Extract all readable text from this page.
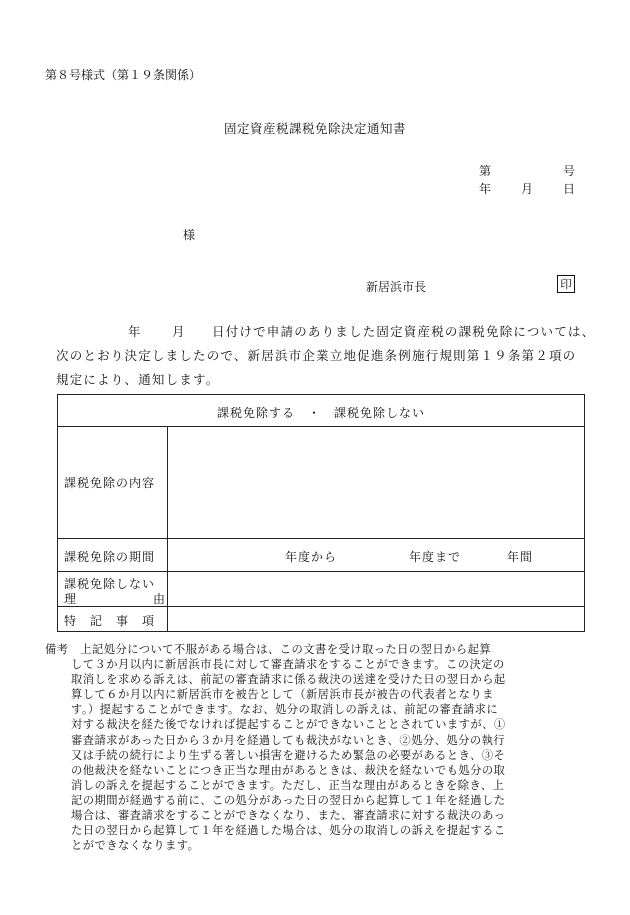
第８号様式（第１９条関係）
固定資産税課税免除決定通知書
第	号
年 月 日
様
新居浜市長	印
年 月 日付けで申請のありました固定資産税の課税免除については、
次のとおり決定しましたので、新居浜市企業立地促進条例施行規則第１９条第２項の
規定により、通知します。
課税免除する　・　課税免除しない
課税免除の内容
課税免除の期間	年度から	年度まで	年間
課税免除しない
理	由
特　記　事　項
備考　上記処分について不服がある場合は、この文書を受け取った日の翌日から起算
して３か月以内に新居浜市長に対して審査請求をすることができます。この決定の
取消しを求める訴えは、前記の審査請求に係る裁決の送達を受けた日の翌日から起
算して６か月以内に新居浜市を被告として（新居浜市長が被告の代表者となりま
す。）提起することができます。なお、処分の取消しの訴えは、前記の審査請求に
対する裁決を経た後でなければ提起することができないこととされていますが、①
審査請求があった日から３か月を経過しても裁決がないとき、②処分、処分の執行
又は手続の続行により生ずる著しい損害を避けるため緊急の必要があるとき、③そ
の他裁決を経ないことにつき正当な理由があるときは、裁決を経ないでも処分の取
消しの訴えを提起することができます。ただし、正当な理由があるときを除き、上
記の期間が経過する前に、この処分があった日の翌日から起算して１年を経過した
場合は、審査請求をすることができなくなり、また、審査請求に対する裁決のあっ
た日の翌日から起算して１年を経過した場合は、処分の取消しの訴えを提起するこ
とができなくなります。
